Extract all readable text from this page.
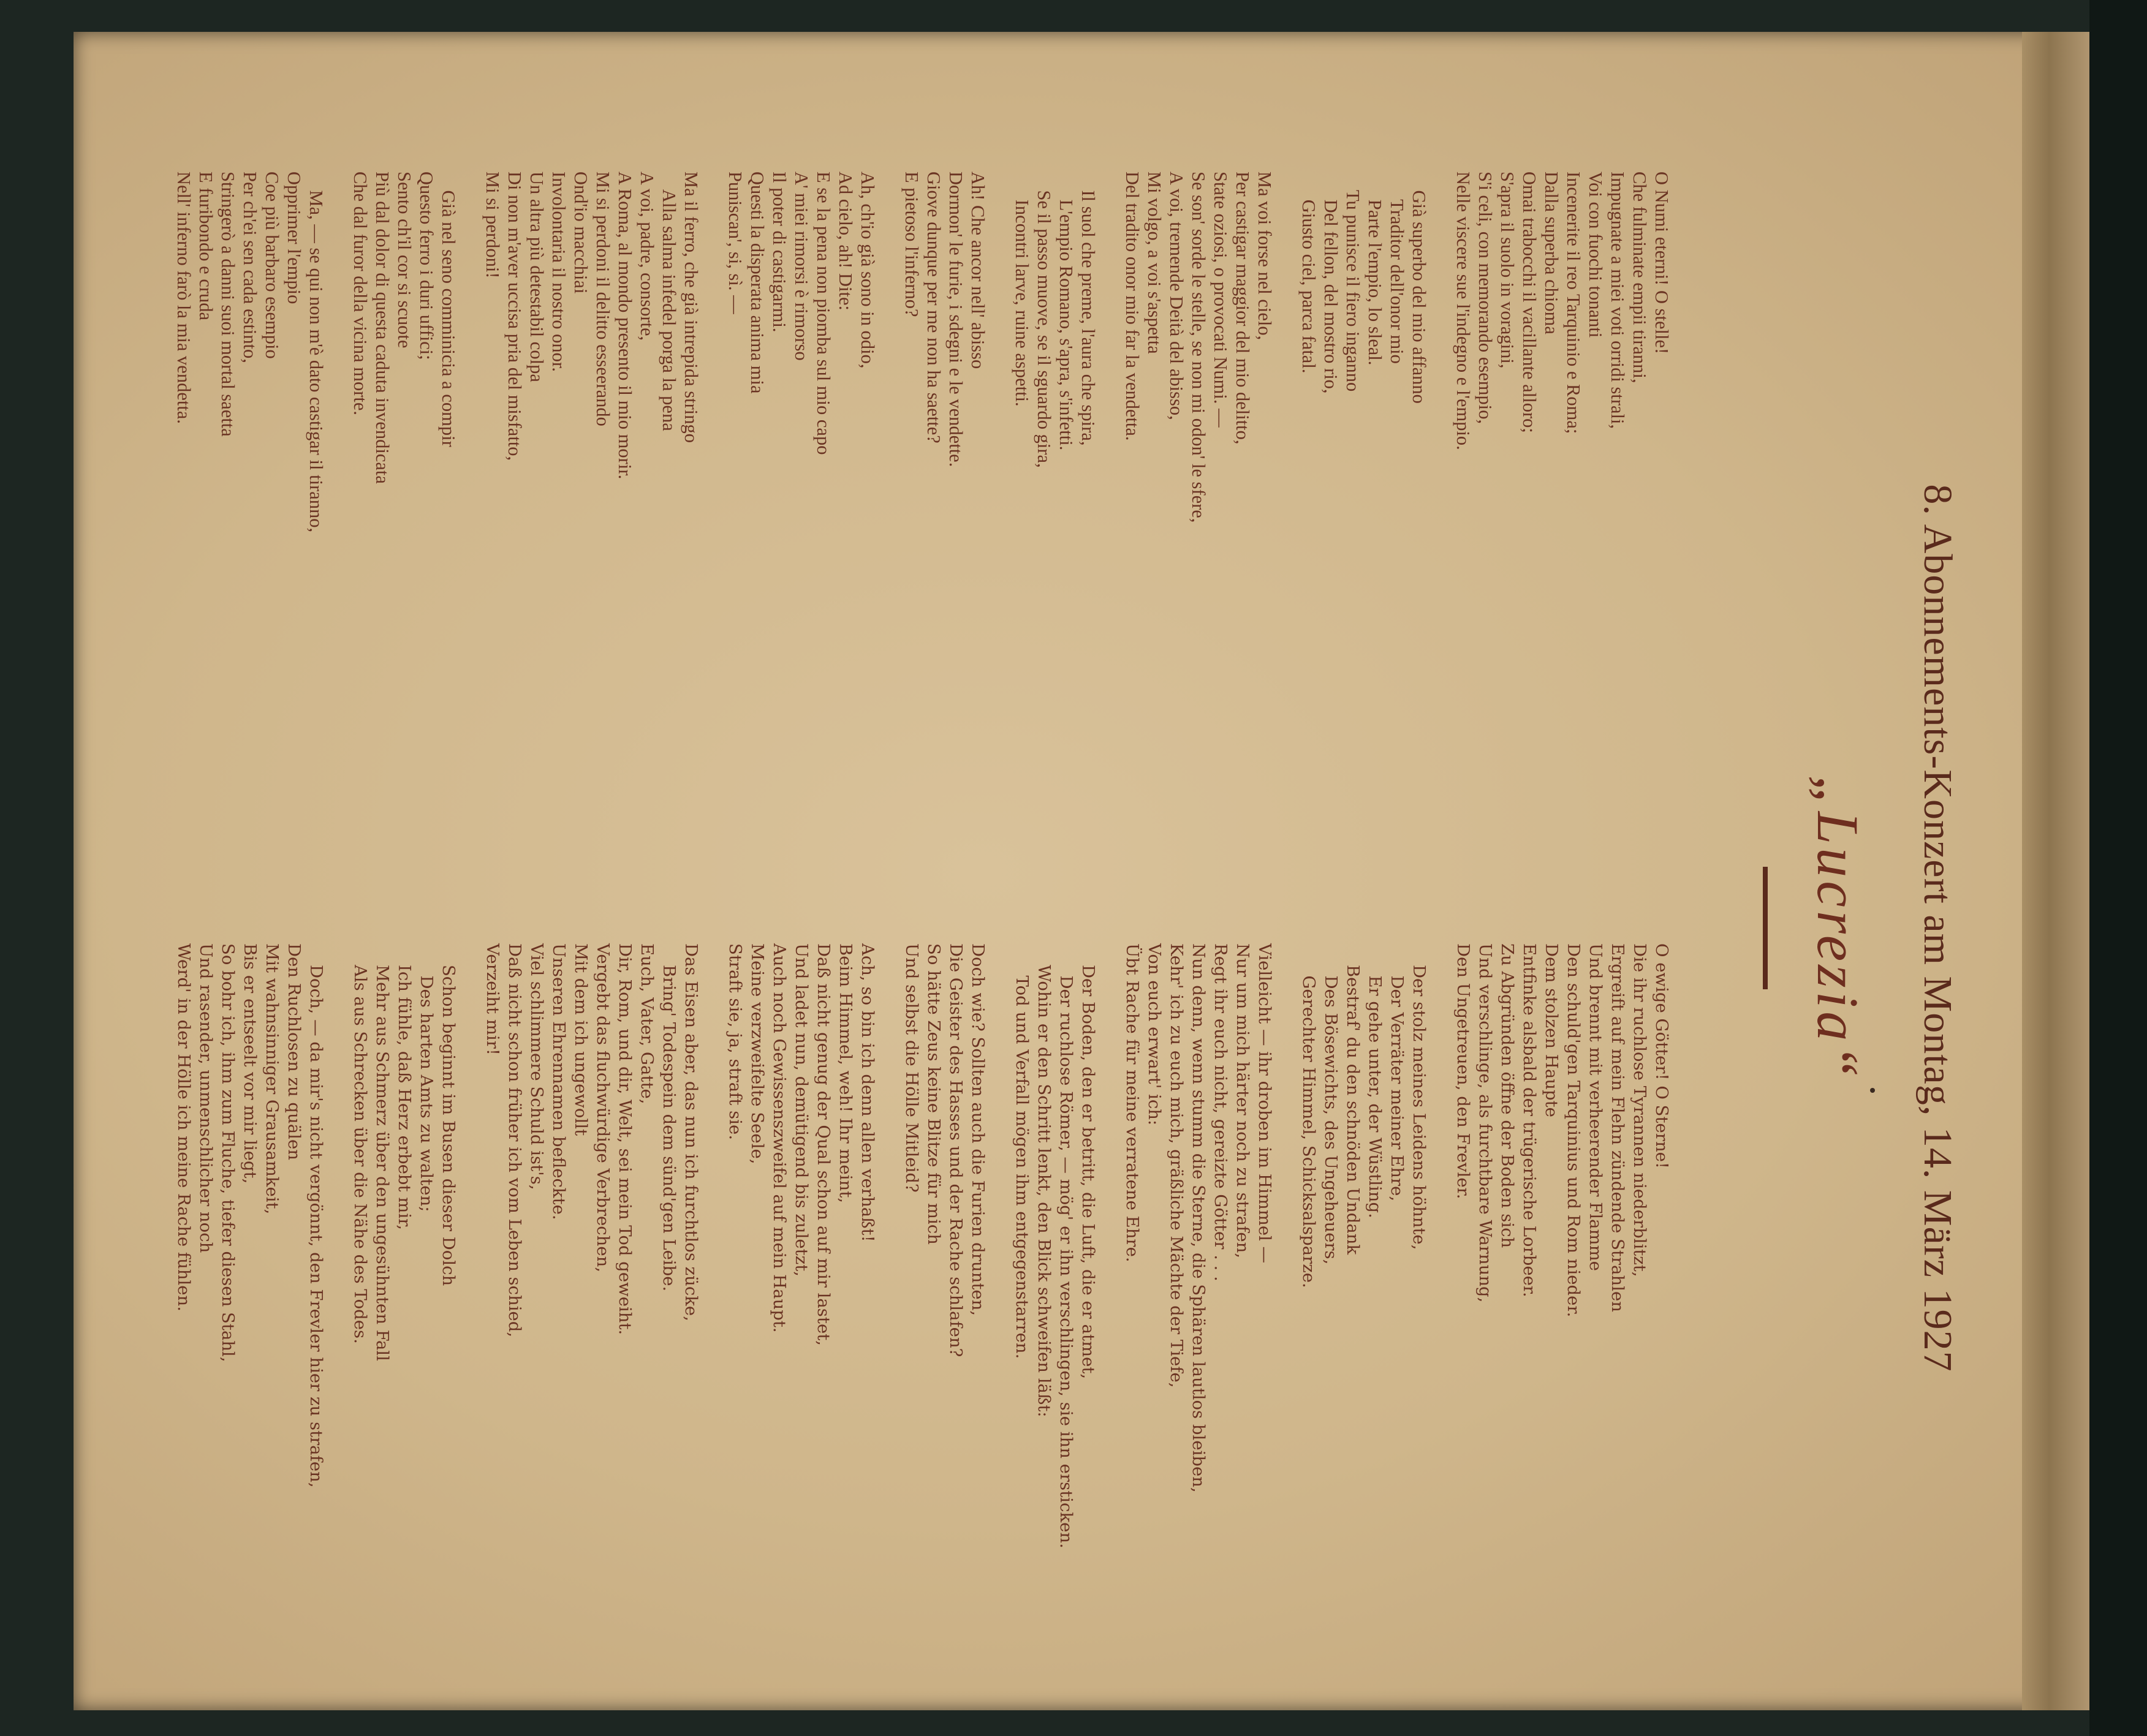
8. Abonnements-Konzert am Montag, 14. März 1927
„Lucrezia“
O Numi eterni! O stelle!
Che fulminate empii tiranni,
Impugnate a miei voti orridi strali,
Voi con fuochi tonanti
Incenerite il reo Tarquinio e Roma;
Dalla superba chioma
Omai trabocchi il vacillante alloro;
S'apra il suolo in voragini,
S'i celi, con memorando esempio,
Nelle viscere sue l'indegno e l'empio.
Già superbo del mio affanno
Traditor dell'onor mio
Parte l'empio, lo sleal.
Tu punisce il fiero inganno
Del fellon, del mostro rio,
Giusto ciel, parca fatal.
Ma voi forse nel cielo,
Per castigar maggior del mio delitto,
State oziosi, o provocati Numi. —
Se son' sorde le stelle, se non mi odon' le sfere,
A voi, tremende Deità del abisso,
Mi volgo, a voi s'aspetta
Del tradito onor mio far la vendetta.
Il suol che preme, l'aura che spira,
L'empio Romano, s'apra, s'infetti.
Se il passo muove, se il sguardo gira,
Incontri larve, ruine aspetti.
Ah! Che ancor nell' abisso
Dormon' le furie, i sdegni e le vendette.
Giove dunque per me non ha saette?
E pietoso l'inferno?
Ah, ch'io già sono in odio,
Ad cielo, ah! Dite:
E se la pena non piomba sul mio capo
A' miei rimorsi è rimorso
Il poter di castigarmi.
Questi la disperata anima mia
Puniscan', si, sì. —
Ma il ferro, che già intrepida stringo
Alla salma infedel porga la pena
A voi, padre, consorte,
A Roma, al mondo presento il mio morir.
Mi si perdoni il delitto esseerando
Ond'io macchiai
Involontaria il nostro onor.
Un altra più detestabil colpa
Di non m'aver uccisa pria del misfatto,
Mi si perdoni!
Già nel seno comminicia a compir
Questo ferro i duri uffici;
Sento ch'il cor si scuote
Più dal dolor di questa caduta invendicata
Che dal furor della vicina morte.
Ma, — se qui non m'è dato castigar il tiranno,
Opprimer l'empio
Coe più barbaro esempio
Per ch'ei sen cada estinto,
Stringerò a danni suoi mortal saetta
E furibondo e cruda
Nell' inferno farò la mia vendetta.
O ewige Götter! O Sterne!
Die ihr ruchlose Tyrannen niederblitzt,
Ergreift auf mein Flehn zündende Strahlen
Und brennt mit verheerender Flamme
Den schuld'gen Tarquinius und Rom nieder.
Dem stolzen Haupte
Entfinke alsbald der trügerische Lorbeer.
Zu Abgründen öffne der Boden sich
Und verschlinge, als furchtbare Warnung,
Den Ungetreuen, den Frevler.
Der stolz meines Leidens höhnte,
Der Verräter meiner Ehre,
Er gehe unter, der Wüstling.
Bestraf' du den schnöden Undank
Des Bösewichts, des Ungeheuers,
Gerechter Himmel, Schicksalsparze.
Vielleicht — ihr droben im Himmel —
Nur um mich härter noch zu strafen,
Regt ihr euch nicht, gereizte Götter . . .
Nun denn, wenn stumm die Sterne, die Sphären lautlos bleiben,
Kehr' ich zu euch mich, gräßliche Mächte der Tiefe,
Von euch erwart' ich:
Übt Rache für meine verratene Ehre.
Der Boden, den er betritt, die Luft, die er atmet,
Der ruchlose Römer, — mög' er ihn verschlingen, sie ihn ersticken.
Wohin er den Schritt lenkt, den Blick schweifen läßt:
Tod und Verfall mögen ihm entgegenstarren.
Doch wie? Sollten auch die Furien drunten,
Die Geister des Hasses und der Rache schlafen?
So hätte Zeus keine Blitze für mich
Und selbst die Hölle Mitleid?
Ach, so bin ich denn allen verhaßt!
Beim Himmel, weh! Ihr meint,
Daß nicht genug der Qual schon auf mir lastet,
Und ladet nun, demütigend bis zuletzt,
Auch noch Gewissenszweifel auf mein Haupt.
Meine verzweifelte Seele,
Straft sie, ja, straft sie.
Das Eisen aber, das nun ich furchtlos zücke,
Bring' Todespein dem sünd'gen Leibe.
Euch, Vater, Gatte,
Dir, Rom, und dir, Welt, sei mein Tod geweiht.
Vergebt das fluchwürdige Verbrechen,
Mit dem ich ungewollt
Unseren Ehrennamen befleckte.
Viel schlimmere Schuld ist's,
Daß nicht schon früher ich vom Leben schied,
Verzeiht mir!
Schon beginnt im Busen dieser Dolch
Des harten Amts zu walten;
Ich fühle, daß Herz erbebt mir,
Mehr aus Schmerz über den ungesühnten Fall
Als aus Schrecken über die Nähe des Todes.
Doch, — da mir's nicht vergönnt, den Frevler hier zu strafen,
Den Ruchlosen zu quälen
Mit wahnsinniger Grausamkeit,
Bis er entseelt vor mir liegt,
So bohr ich, ihm zum Fluche, tiefer diesen Stahl,
Und rasender, unmenschlicher noch
Werd' in der Hölle ich meine Rache fühlen.
